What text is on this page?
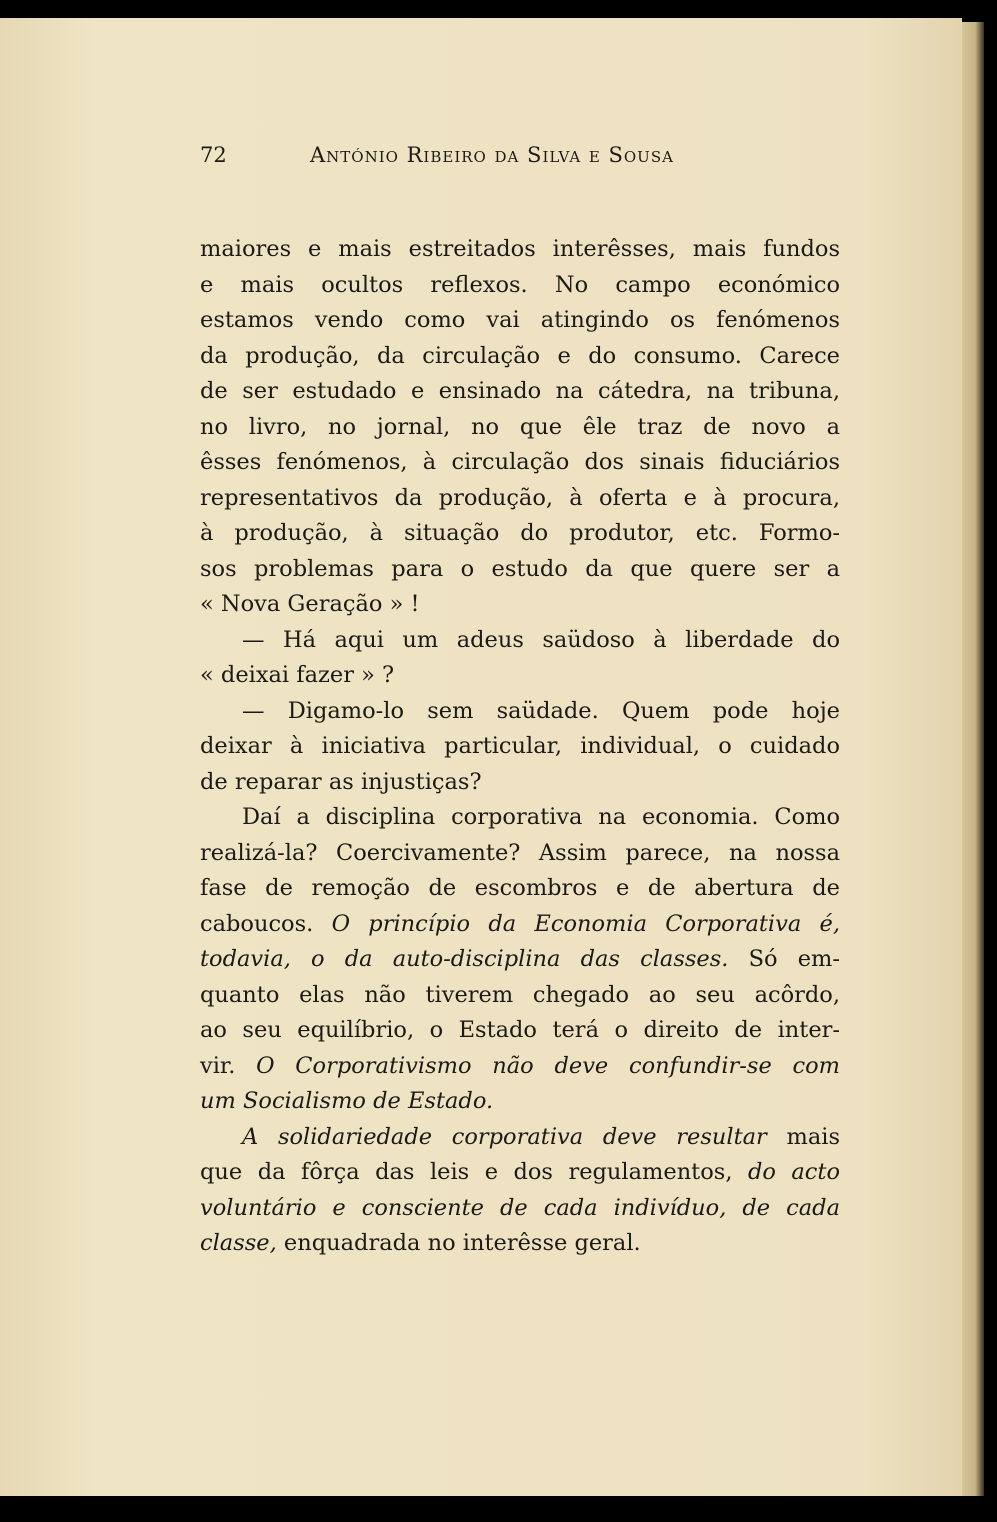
72	António Ribeiro da Silva e Sousa
maiores e mais estreitados interêsses, mais fundos
e mais ocultos reflexos. No campo económico
estamos vendo como vai atingindo os fenómenos
da produção, da circulação e do consumo. Carece
de ser estudado e ensinado na cátedra, na tribuna,
no livro, no jornal, no que êle traz de novo a
êsses fenómenos, à circulação dos sinais fiduciários
representativos da produção, à oferta e à procura,
à produção, à situação do produtor, etc. Formo-
sos problemas para o estudo da que quere ser a
« Nova Geração » !
— Há aqui um adeus saüdoso à liberdade do
« deixai fazer » ?
— Digamo-lo sem saüdade. Quem pode hoje
deixar à iniciativa particular, individual, o cuidado
de reparar as injustiças?
Daí a disciplina corporativa na economia. Como
realizá-la? Coercivamente? Assim parece, na nossa
fase de remoção de escombros e de abertura de
caboucos. O princípio da Economia Corporativa é,
todavia, o da auto-disciplina das classes. Só em-
quanto elas não tiverem chegado ao seu acôrdo,
ao seu equilíbrio, o Estado terá o direito de inter-
vir. O Corporativismo não deve confundir-se com
um Socialismo de Estado.
A solidariedade corporativa deve resultar mais
que da fôrça das leis e dos regulamentos, do acto
voluntário e consciente de cada indivíduo, de cada
classe, enquadrada no interêsse geral.
